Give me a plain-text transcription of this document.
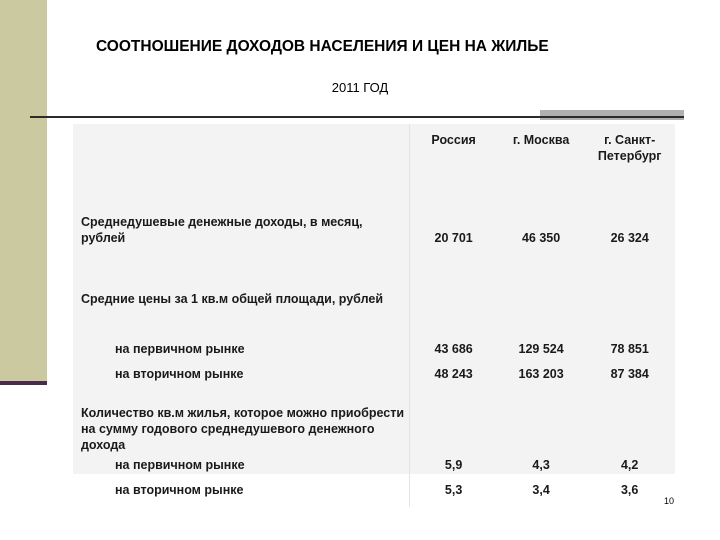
СООТНОШЕНИЕ ДОХОДОВ НАСЕЛЕНИЯ И ЦЕН НА ЖИЛЬЕ
2011 ГОД
	Россия	г. Москва	г. Санкт-
Петербург
Среднедушевые денежные доходы, в месяц, рублей	20 701	46 350	26 324

Средние цены за 1 кв.м общей площади, рублей			
на первичном рынке	43 686	129 524	78 851
на вторичном рынке	48 243	163 203	87 384

Количество кв.м жилья, которое можно приобрести на сумму годового среднедушевого денежного дохода			
на первичном рынке	5,9	4,3	4,2
на вторичном рынке	5,3	3,4	3,6
10
